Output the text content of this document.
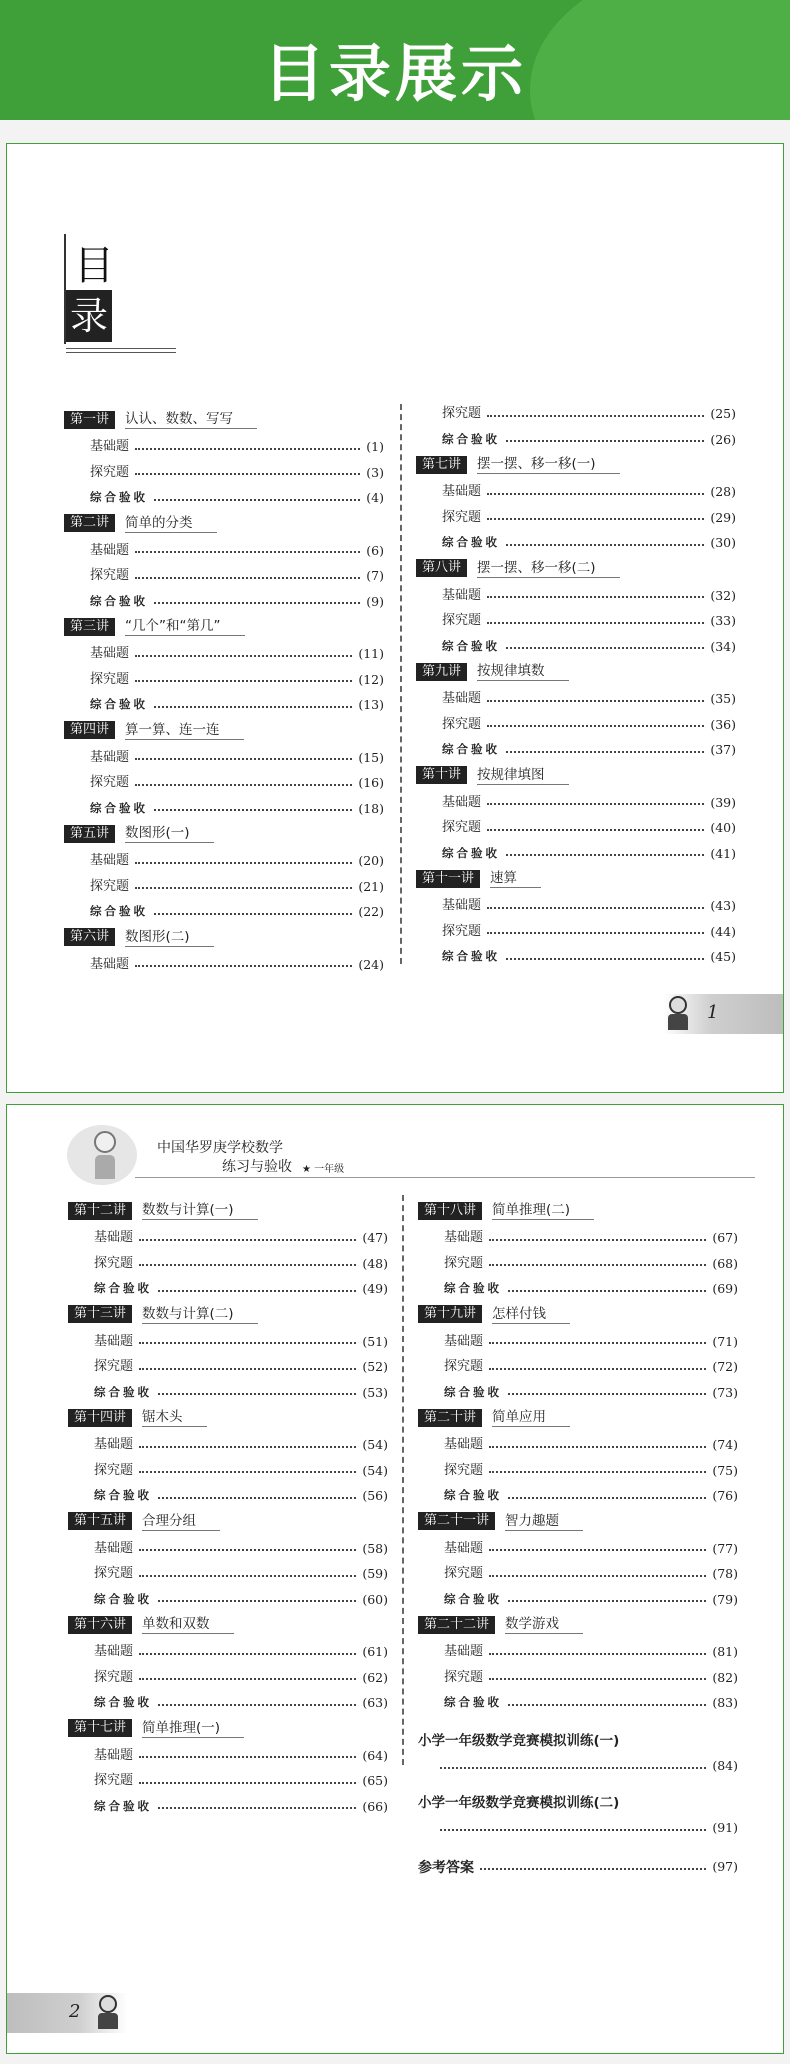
目录展示
目
录
第一讲 认认、数数、写写
基础题	(1)
探究题	(3)
综合验收	(4)
第二讲 简单的分类
基础题	(6)
探究题	(7)
综合验收	(9)
第三讲 “几个”和“第几”
基础题	(11)
探究题	(12)
综合验收	(13)
第四讲 算一算、连一连
基础题	(15)
探究题	(16)
综合验收	(18)
第五讲 数图形(一)
基础题	(20)
探究题	(21)
综合验收	(22)
第六讲 数图形(二)
基础题	(24)
探究题	(25)
综合验收	(26)
第七讲 摆一摆、移一移(一)
基础题	(28)
探究题	(29)
综合验收	(30)
第八讲 摆一摆、移一移(二)
基础题	(32)
探究题	(33)
综合验收	(34)
第九讲 按规律填数
基础题	(35)
探究题	(36)
综合验收	(37)
第十讲 按规律填图
基础题	(39)
探究题	(40)
综合验收	(41)
第十一讲 速算
基础题	(43)
探究题	(44)
综合验收	(45)
1
中国华罗庚学校数学
练习与验收 ★ 一年级
第十二讲 数数与计算(一)
基础题	(47)
探究题	(48)
综合验收	(49)
第十三讲 数数与计算(二)
基础题	(51)
探究题	(52)
综合验收	(53)
第十四讲 锯木头
基础题	(54)
探究题	(54)
综合验收	(56)
第十五讲 合理分组
基础题	(58)
探究题	(59)
综合验收	(60)
第十六讲 单数和双数
基础题	(61)
探究题	(62)
综合验收	(63)
第十七讲 简单推理(一)
基础题	(64)
探究题	(65)
综合验收	(66)
第十八讲 简单推理(二)
基础题	(67)
探究题	(68)
综合验收	(69)
第十九讲 怎样付钱
基础题	(71)
探究题	(72)
综合验收	(73)
第二十讲 简单应用
基础题	(74)
探究题	(75)
综合验收	(76)
第二十一讲 智力趣题
基础题	(77)
探究题	(78)
综合验收	(79)
第二十二讲 数学游戏
基础题	(81)
探究题	(82)
综合验收	(83)
小学一年级数学竞赛模拟训练(一)
(84)
小学一年级数学竞赛模拟训练(二)
(91)
参考答案	(97)
2
